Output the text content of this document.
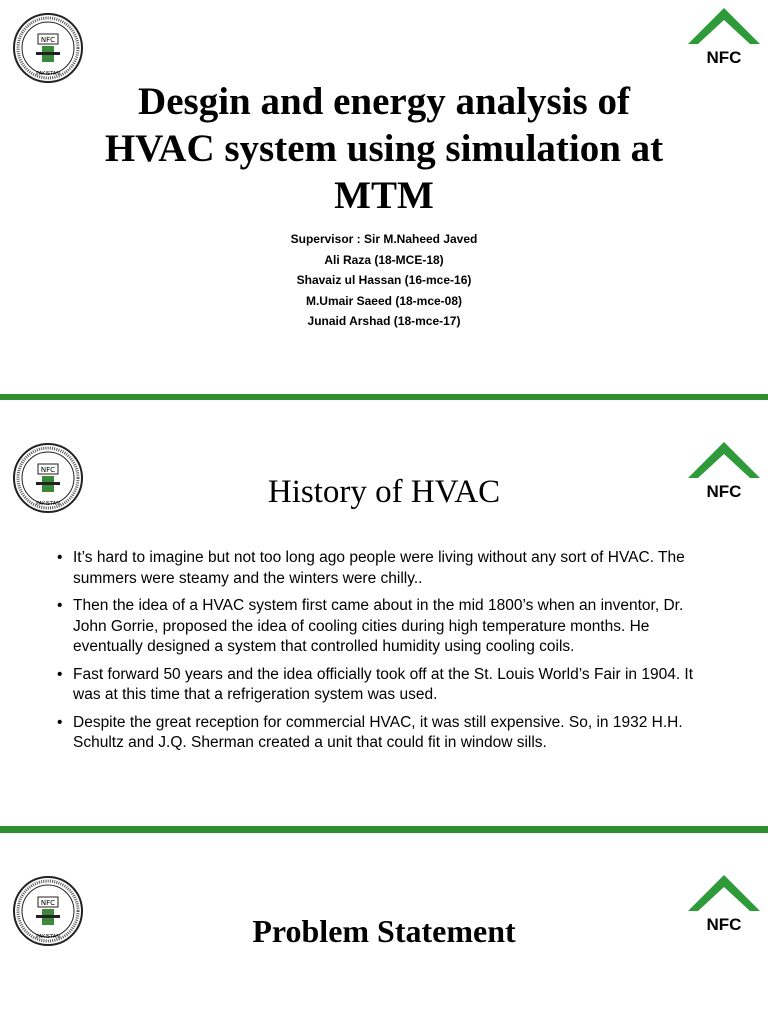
NFC
PAKISTAN
NFC
Desgin and energy analysis of HVAC system using simulation at MTM
Supervisor : Sir M.Naheed Javed
Ali Raza (18-MCE-18)
Shavaiz ul Hassan (16-mce-16)
M.Umair Saeed (18-mce-08)
Junaid Arshad (18-mce-17)
NFC
PAKISTAN
NFC
History of HVAC
• It’s hard to imagine but not too long ago people were living without any sort of HVAC. The summers were steamy and the winters were chilly..
• Then the idea of a HVAC system first came about in the mid 1800’s when an inventor, Dr. John Gorrie, proposed the idea of cooling cities during high temperature months. He eventually designed a system that controlled humidity using cooling coils.
• Fast forward 50 years and the idea officially took off at the St. Louis World’s Fair in 1904. It was at this time that a refrigeration system was used.
• Despite the great reception for commercial HVAC, it was still expensive. So, in 1932 H.H. Schultz and J.Q. Sherman created a unit that could fit in window sills.
NFC
PAKISTAN
NFC
Problem Statement
